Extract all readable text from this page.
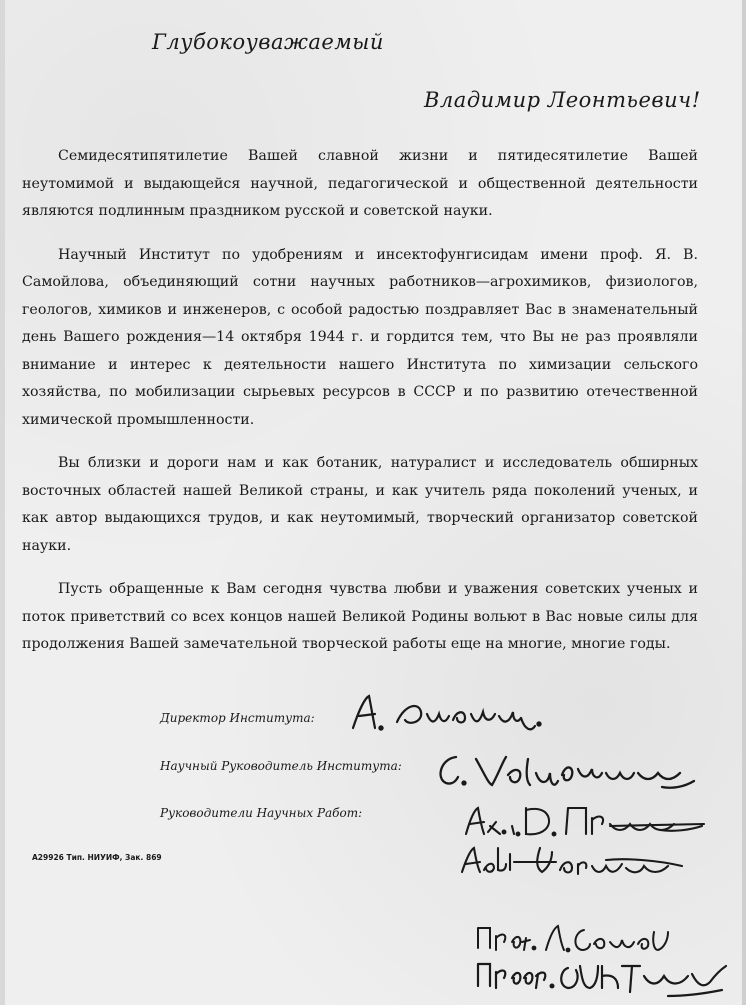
Глубокоуважаемый
Владимир Леонтьевич!

Семидесятипятилетие Вашей славной жизни и пятидесятилетие Вашей неутомимой и выдающейся научной, педагогической и общественной деятельности являются подлинным праздником русской и советской науки.

Научный Институт по удобрениям и инсектофунгисидам имени проф. Я. В. Самойлова, объединяющий сотни научных работников—агрохимиков, физиологов, геологов, химиков и инженеров, с особой радостью поздравляет Вас в знаменательный день Вашего рождения—14 октября 1944 г. и гордится тем, что Вы не раз проявляли внимание и интерес к деятельности нашего Института по химизации сельского хозяйства, по мобилизации сырьевых ресурсов в СССР и по развитию отечественной химической промышленности.

Вы близки и дороги нам и как ботаник, натуралист и исследователь обширных восточных областей нашей Великой страны, и как учитель ряда поколений ученых, и как автор выдающихся трудов, и как неутомимый, творческий организатор советской науки.

Пусть обращенные к Вам сегодня чувства любви и уважения советских ученых и поток приветствий со всех концов нашей Великой Родины вольют в Вас новые силы для продолжения Вашей замечательной творческой работы еще на многие, многие годы.

Директор Института:
Научный Руководитель Института:
Руководители Научных Работ:
А29926 Тип. НИУИФ, Зак. 869
